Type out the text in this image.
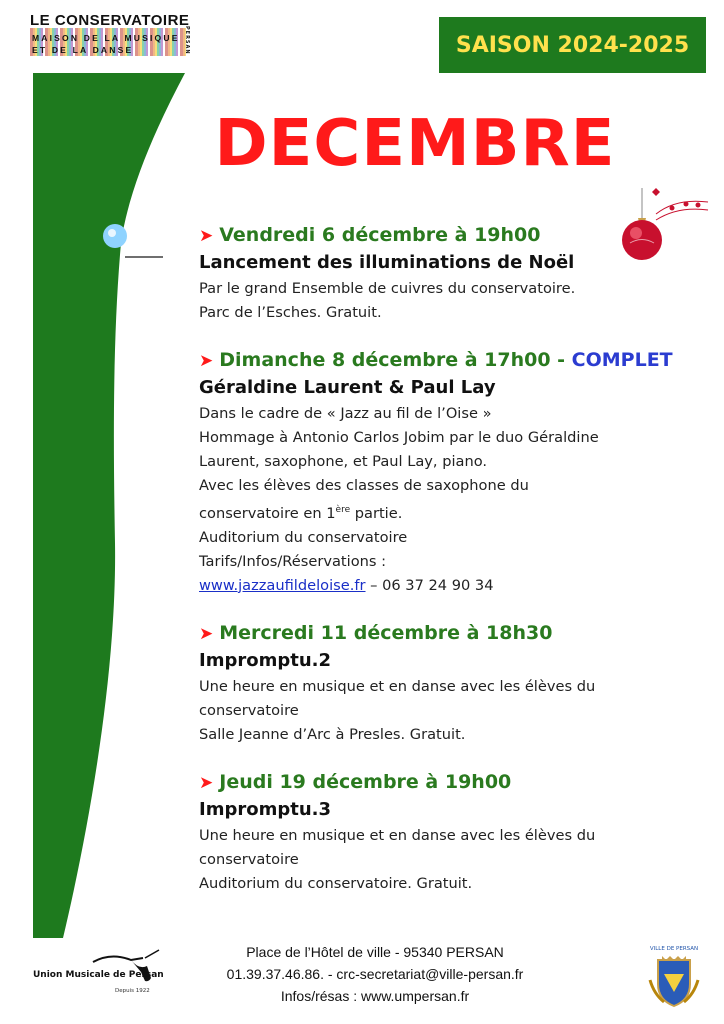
LE CONSERVATOIRE
MAISON DE LA MUSIQUE
ET DE LA DANSE	PERSAN	SAISON 2024-2025
DECEMBRE
➤ Vendredi 6 décembre à 19h00
Lancement des illuminations de Noël
Par le grand Ensemble de cuivres du conservatoire.
Parc de l’Esches. Gratuit.
➤ Dimanche 8 décembre à 17h00 - COMPLET
Géraldine Laurent & Paul Lay
Dans le cadre de « Jazz au fil de l’Oise »
Hommage à Antonio Carlos Jobim par le duo Géraldine
Laurent, saxophone, et Paul Lay, piano.
Avec les élèves des classes de saxophone du
conservatoire en 1ère partie.
Auditorium du conservatoire
Tarifs/Infos/Réservations :
www.jazzaufildeloise.fr – 06 37 24 90 34
➤ Mercredi 11 décembre à 18h30
Impromptu.2
Une heure en musique et en danse avec les élèves du
conservatoire
Salle Jeanne d’Arc à Presles. Gratuit.
➤ Jeudi 19 décembre à 19h00
Impromptu.3
Une heure en musique et en danse avec les élèves du
conservatoire
Auditorium du conservatoire. Gratuit.
Union Musicale de Persan
Depuis 1922
Place de l’Hôtel de ville - 95340 PERSAN
01.39.37.46.86. - crc-secretariat@ville-persan.fr
Infos/résas : www.umpersan.fr
VILLE DE PERSAN
